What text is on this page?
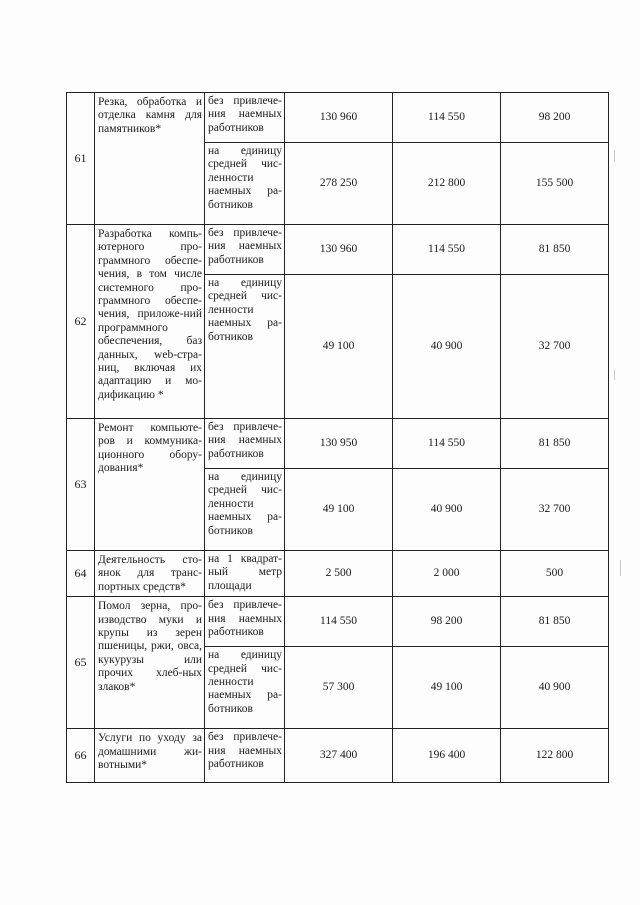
61	Резка, обработка и отделка камня для памятников*	без привлече-ния наемных работников	130 960	114 550	98 200
		на единицу средней чис-ленности наемных ра-ботников	278 250	212 800	155 500
62	Разработка компь-ютерного про-граммного обеспе-чения, в том числе системного про-граммного обеспе-чения, приложе-ний программного обеспечения, баз данных, web-стра-ниц, включая их адаптацию и мо-дификацию *	без привлече-ния наемных работников	130 960	114 550	81 850
		на единицу средней чис-ленности наемных ра-ботников	49 100	40 900	32 700
63	Ремонт компьюте-ров и коммуника-ционного обору-дования*	без привлече-ния наемных работников	130 950	114 550	81 850
		на единицу средней чис-ленности наемных ра-ботников	49 100	40 900	32 700
64	Деятельность сто-янок для транс-портных средств*	на 1 квадрат-ный метр площади	2 500	2 000	500
65	Помол зерна, про-изводство муки и крупы из зерен пшеницы, ржи, овса, кукурузы или прочих хлеб-ных злаков*	без привлече-ния наемных работников	114 550	98 200	81 850
		на единицу средней чис-ленности наемных ра-ботников	57 300	49 100	40 900
66	Услуги по уходу за домашними жи-вотными*	без привлече-ния наемных работников	327 400	196 400	122 800
